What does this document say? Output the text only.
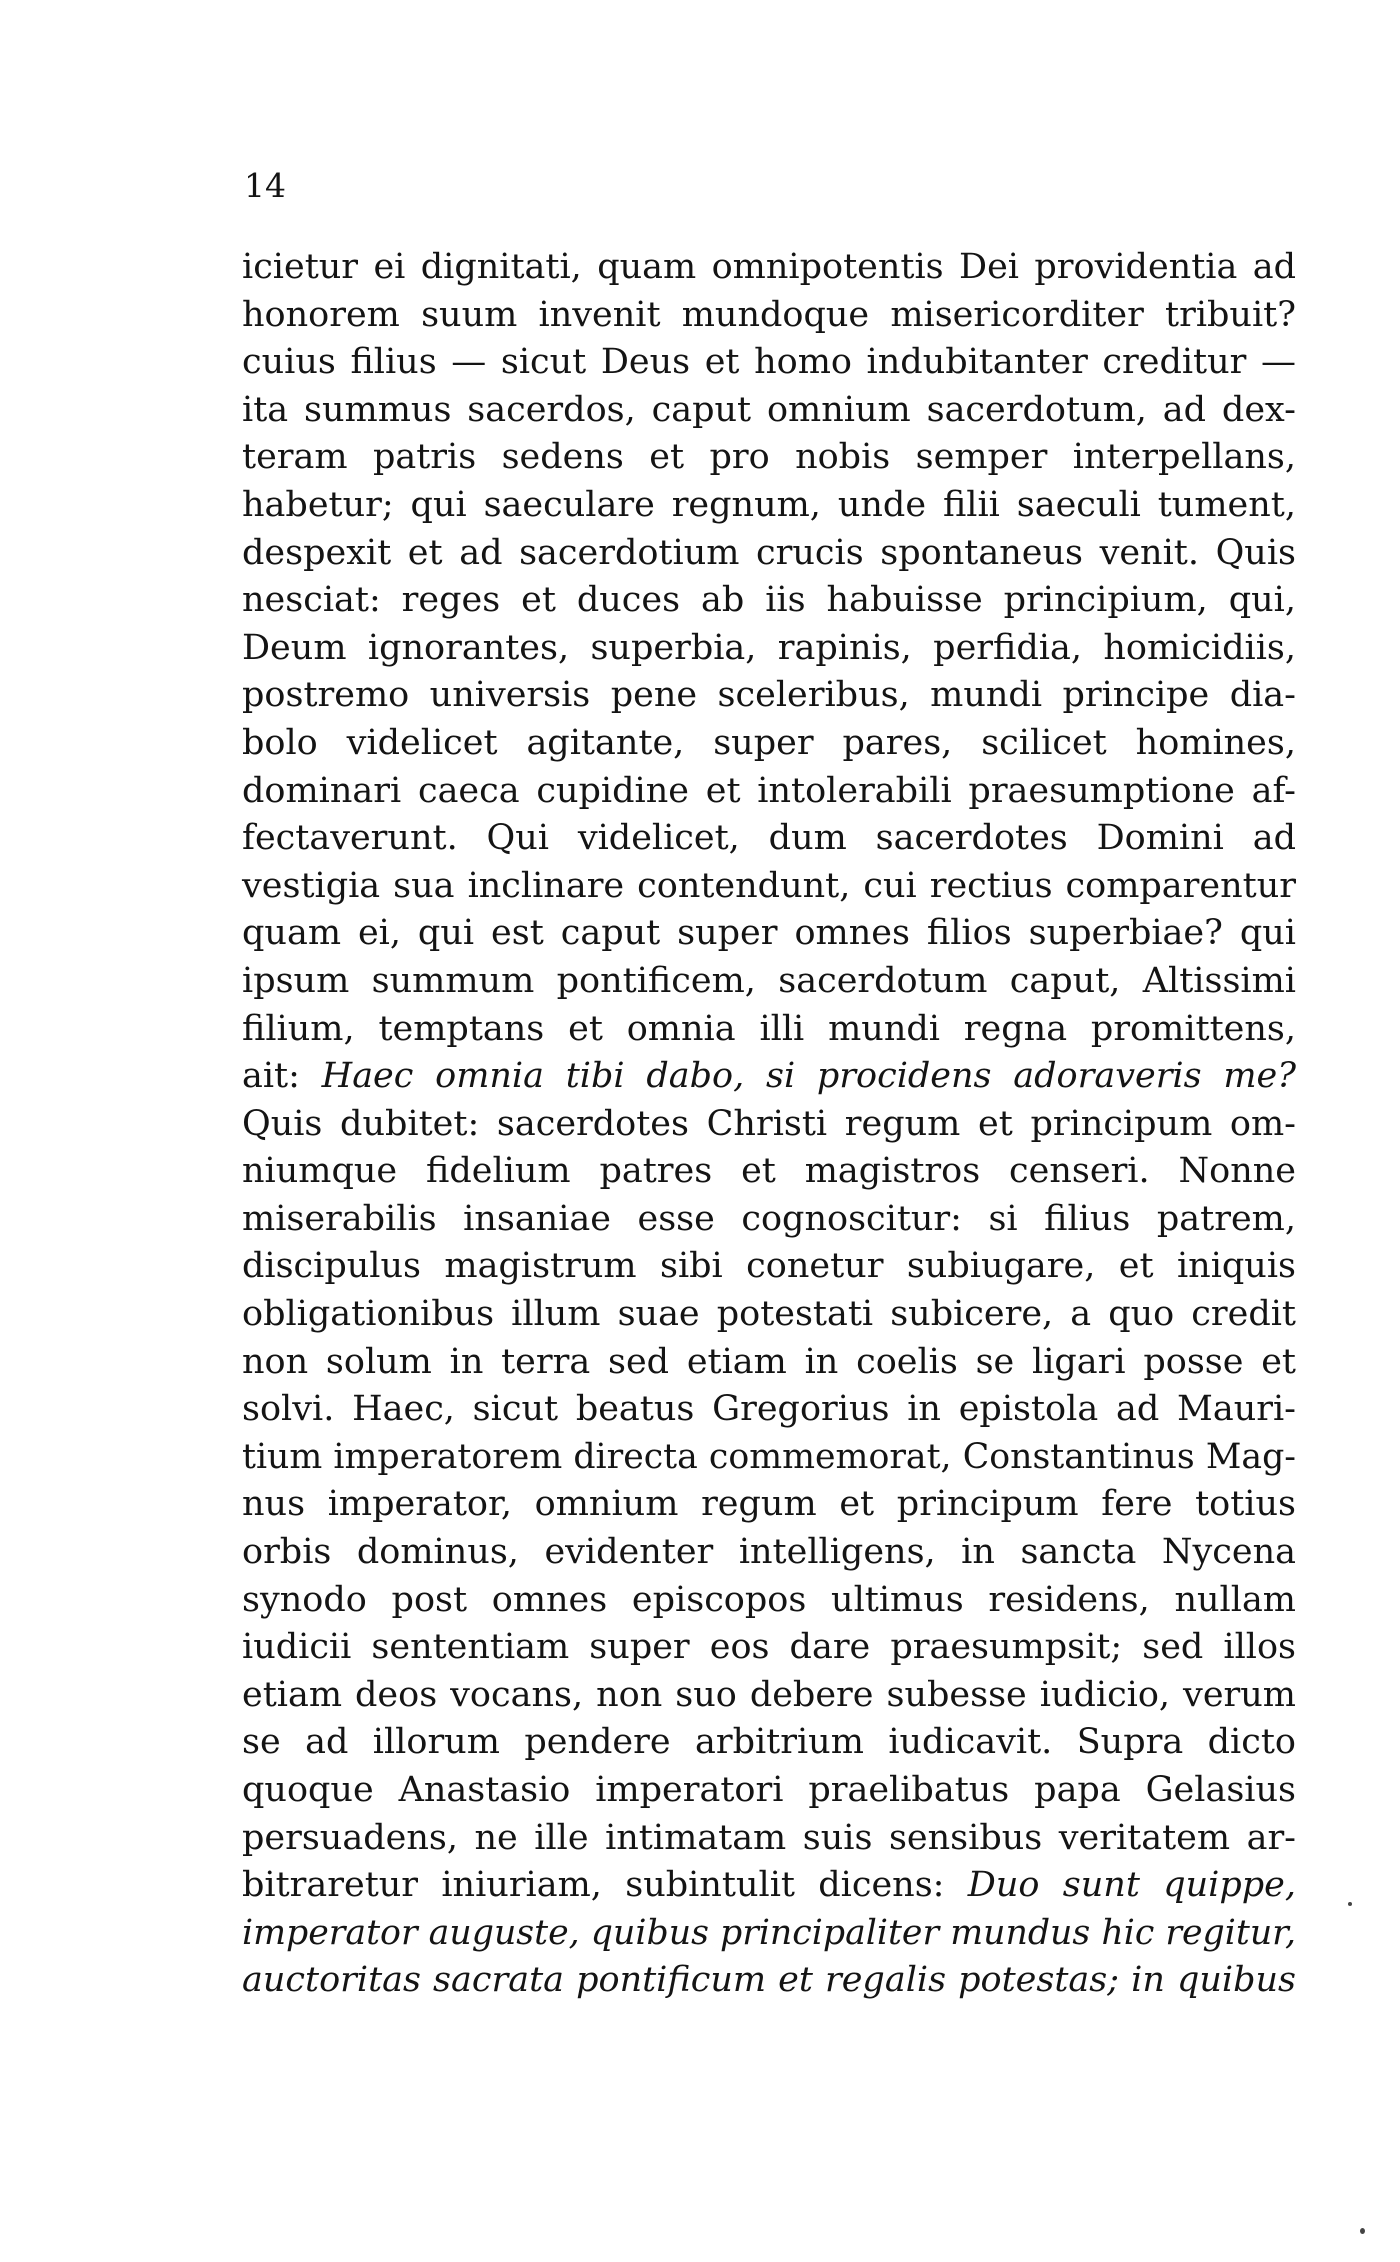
14
icietur ei dignitati, quam omnipotentis Dei providentia ad
honorem suum invenit mundoque misericorditer tribuit?
cuius filius — sicut Deus et homo indubitanter creditur —
ita summus sacerdos, caput omnium sacerdotum, ad dex-
teram patris sedens et pro nobis semper interpellans,
habetur; qui saeculare regnum, unde filii saeculi tument,
despexit et ad sacerdotium crucis spontaneus venit. Quis
nesciat: reges et duces ab iis habuisse principium, qui,
Deum ignorantes, superbia, rapinis, perfidia, homicidiis,
postremo universis pene sceleribus, mundi principe dia-
bolo videlicet agitante, super pares, scilicet homines,
dominari caeca cupidine et intolerabili praesumptione af-
fectaverunt. Qui videlicet, dum sacerdotes Domini ad
vestigia sua inclinare contendunt, cui rectius comparentur
quam ei, qui est caput super omnes filios superbiae? qui
ipsum summum pontificem, sacerdotum caput, Altissimi
filium, temptans et omnia illi mundi regna promittens,
ait: Haec omnia tibi dabo, si procidens adoraveris me?
Quis dubitet: sacerdotes Christi regum et principum om-
niumque fidelium patres et magistros censeri. Nonne
miserabilis insaniae esse cognoscitur: si filius patrem,
discipulus magistrum sibi conetur subiugare, et iniquis
obligationibus illum suae potestati subicere, a quo credit
non solum in terra sed etiam in coelis se ligari posse et
solvi. Haec, sicut beatus Gregorius in epistola ad Mauri-
tium imperatorem directa commemorat, Constantinus Mag-
nus imperator, omnium regum et principum fere totius
orbis dominus, evidenter intelligens, in sancta Nycena
synodo post omnes episcopos ultimus residens, nullam
iudicii sententiam super eos dare praesumpsit; sed illos
etiam deos vocans, non suo debere subesse iudicio, verum
se ad illorum pendere arbitrium iudicavit. Supra dicto
quoque Anastasio imperatori praelibatus papa Gelasius
persuadens, ne ille intimatam suis sensibus veritatem ar-
bitraretur iniuriam, subintulit dicens: Duo sunt quippe,
imperator auguste, quibus principaliter mundus hic regitur,
auctoritas sacrata pontificum et regalis potestas; in quibus
